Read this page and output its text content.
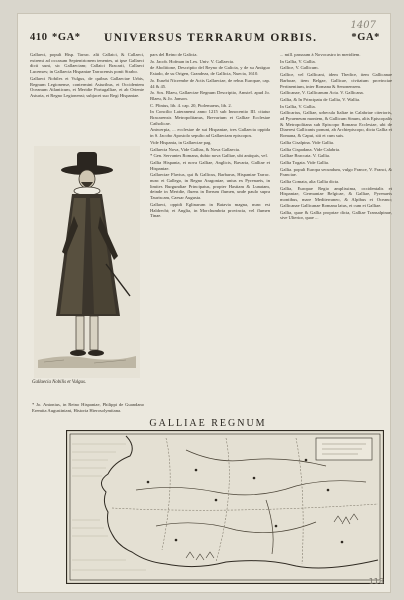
1407
410 *GA* UNIVERSUS TERRARUM ORBIS.	*GA*

Gallaeci, populi Hisp. Tarrac. alii Callaici, & Callaeci, extremi ad occasum Septentrionem tenentes, ut ipse Gallaeci dicti sunt, sic Gallaeciam; Callaici Bracarii, Callaeci Lucenses; in Gallaecia Hispaniae Tarracensis ponit Strabo.

Gallaeci Nobiles et Vulgus, de quibus Gallaeciae Urbis, Regnum Legionense, contermini Asturibus, et Occidentem Oceanum Atlanticum, et Meridie Portugalliae, et ab Oriente Asturia, et Regno Legionensi; subjacet suo Regi Hispaniae.

Gallaecia Nobilis et Vulgus.
* Jo. Antonius, in Reino Hispaniae, Philippi de Guandano Eremita Augustiniani, Historia Hierosolymitana.

pars del Reino de Galicia.

Jo. Jacob. Hofman in Lex. Univ. V. Gallaecia.

de Abolitione, Descriptio del Reyno de Galicia, y de su Antiguo Estado, de su Origen, Grandeza, de Gallicia, Nuecia, 1610.

Jo. Eusebi Nicrembe de Actis Gallaeciae, de rebus Europae, cap. 44 & 45.

Jo. Sos. Blaeu, Gallaeciae Regnum Descriptio, Amstel. apud Jo. Blaeu, & Jo. Janson.

C. Plinius, lib. 4. cap. 20, Ptolemaeus, lib. 2.

In Concilio Lateranensi anno 1215 sub Innocentio III. citatur Bracarensis Metropolitanus, Brevarium et Galliae Ecclesiae Catholicae.

Antwerpia, ... ecclesiae de sui Hispaniae, tres Gallaecia oppida in S. Jacobo Apostolo sepulto ad Gallaeciam episcopos.

Vide Hispania, in Gallaeciae pag.

Gallaecia Nova, Vide Gallias, & Nova Gallaecia.

* Gen. Servantes Romana, dubio nova Galliae, ubi antiquis, vel.

Gallia Hispania, et nova Galliae, Anglicis, Bavaria, Galliae et Hispaniae.

Gallaeciae Flavius, qui & Gallicus, Barbarus, Hispaniae Tarrac. nunc et Gallego, in Regno Aragoniae, unius ex Pyrenaeis, in limites Burgundiae Principatus, propter Hastiam & Lunatam, deinde in Meridie, fluens in Iberum flumen, unde paulo supra Tauriscam, Caesar Augusta.

Gallaeci, oppidi Eglinarum in Batavia magna, nunc est Haldrecht; et Anglia, in Morchumbria provincia, vel flumen Tinae.

... mill. passuum à Novocastro in meridiem.

In Gallia, V. Gallia.

Gallice, V. Gallicum.

Gallice, vel Gallicani, idem Thedice, item Gallicanae Barboae, item Belgae, Gallicae, civitatum provinciae Pertinentium, inter Romana & Senonensem.

Gallicanae, V. Gallicanum Acta. V. Gallicana.

Gallia, & In Principatu de Gallia, V. Wallia.

In Gallia, V. Gallia.

Gallicarius, Galliae, urbecula Italiae in Calabriae citerioris, ad Pyraeneum montem, & Gallicum Sinum, aliis Episcopalis & Metropolitana sub Episcopo Romano Ecclesiae, ubi de Diaeresi Gallicanis ponunt, ab Archiepiscopo, dicta Gallia et Romana, & Caput, siti et cum suis.

Gallia Cisalpina. Vide Gallia.

Gallia Cispadana. Vide Calabria.

Galliae Braccata. V. Gallia.

Gallia Togata. Vide Gallia.

Gallia. populi Europa secundum, vulgo France, V. Franci, & Franciae.

Gallia Comata, alia Gallia dicta.

Gallia, Europae Regio amplissima, occidentalis et Hispaniae, Germaniae Belgicae, & Galliae, Pyrenaeis montibus, mare Mediterraneo, & Alpibus et Oceano; Gallicanae Gallicanae Romana latus, et cum et Galliae.

Gallia, quae & Gallia propriae dicta, Galliae Transalpinae, sive Ulterior, quae ...

GALLIAE REGNUM
118
